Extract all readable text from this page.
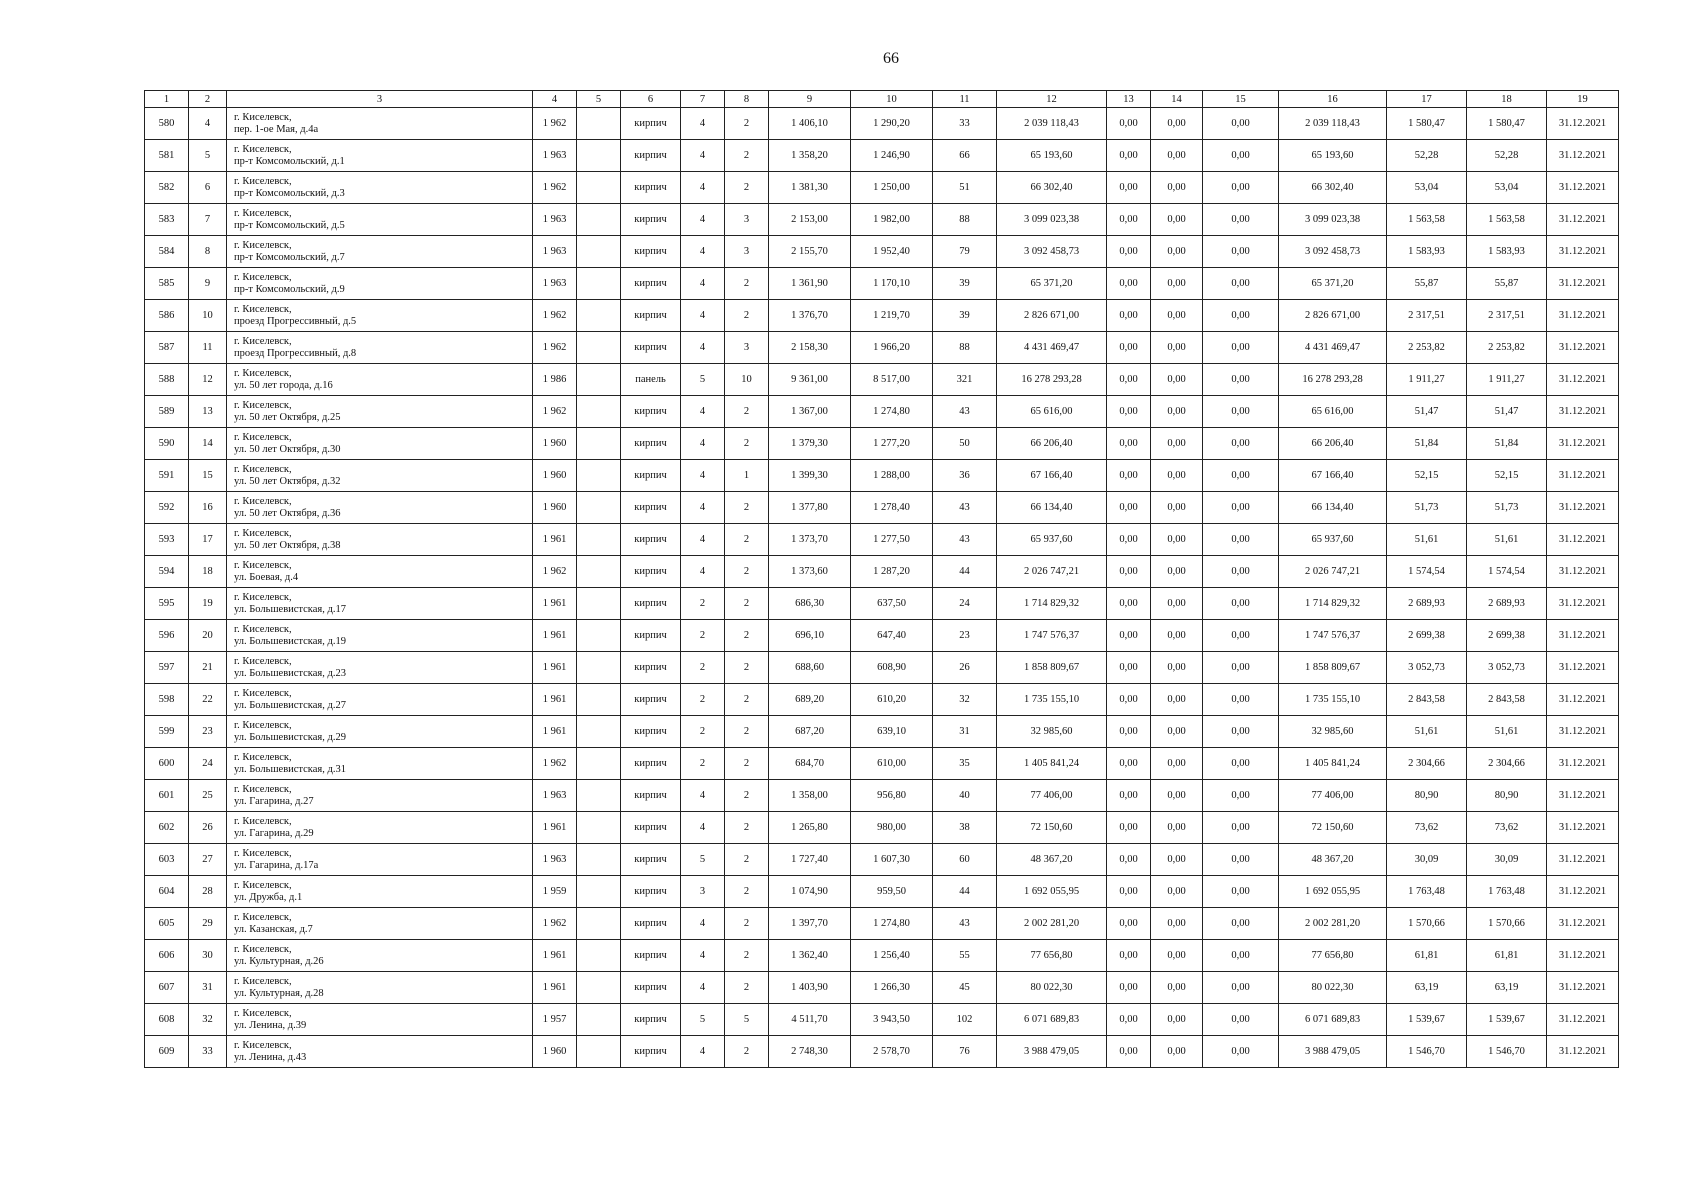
66
1	2	3	4	5	6	7	8	9	10	11	12	13	14	15	16	17	18	19
580	4	г. Киселевск,
пер. 1-ое Мая, д.4а	1 962		кирпич	4	2	1 406,10	1 290,20	33	2 039 118,43	0,00	0,00	0,00	2 039 118,43	1 580,47	1 580,47	31.12.2021
581	5	г. Киселевск,
пр-т Комсомольский, д.1	1 963		кирпич	4	2	1 358,20	1 246,90	66	65 193,60	0,00	0,00	0,00	65 193,60	52,28	52,28	31.12.2021
582	6	г. Киселевск,
пр-т Комсомольский, д.3	1 962		кирпич	4	2	1 381,30	1 250,00	51	66 302,40	0,00	0,00	0,00	66 302,40	53,04	53,04	31.12.2021
583	7	г. Киселевск,
пр-т Комсомольский, д.5	1 963		кирпич	4	3	2 153,00	1 982,00	88	3 099 023,38	0,00	0,00	0,00	3 099 023,38	1 563,58	1 563,58	31.12.2021
584	8	г. Киселевск,
пр-т Комсомольский, д.7	1 963		кирпич	4	3	2 155,70	1 952,40	79	3 092 458,73	0,00	0,00	0,00	3 092 458,73	1 583,93	1 583,93	31.12.2021
585	9	г. Киселевск,
пр-т Комсомольский, д.9	1 963		кирпич	4	2	1 361,90	1 170,10	39	65 371,20	0,00	0,00	0,00	65 371,20	55,87	55,87	31.12.2021
586	10	г. Киселевск,
проезд Прогрессивный, д.5	1 962		кирпич	4	2	1 376,70	1 219,70	39	2 826 671,00	0,00	0,00	0,00	2 826 671,00	2 317,51	2 317,51	31.12.2021
587	11	г. Киселевск,
проезд Прогрессивный, д.8	1 962		кирпич	4	3	2 158,30	1 966,20	88	4 431 469,47	0,00	0,00	0,00	4 431 469,47	2 253,82	2 253,82	31.12.2021
588	12	г. Киселевск,
ул. 50 лет города, д.16	1 986		панель	5	10	9 361,00	8 517,00	321	16 278 293,28	0,00	0,00	0,00	16 278 293,28	1 911,27	1 911,27	31.12.2021
589	13	г. Киселевск,
ул. 50 лет Октября, д.25	1 962		кирпич	4	2	1 367,00	1 274,80	43	65 616,00	0,00	0,00	0,00	65 616,00	51,47	51,47	31.12.2021
590	14	г. Киселевск,
ул. 50 лет Октября, д.30	1 960		кирпич	4	2	1 379,30	1 277,20	50	66 206,40	0,00	0,00	0,00	66 206,40	51,84	51,84	31.12.2021
591	15	г. Киселевск,
ул. 50 лет Октября, д.32	1 960		кирпич	4	1	1 399,30	1 288,00	36	67 166,40	0,00	0,00	0,00	67 166,40	52,15	52,15	31.12.2021
592	16	г. Киселевск,
ул. 50 лет Октября, д.36	1 960		кирпич	4	2	1 377,80	1 278,40	43	66 134,40	0,00	0,00	0,00	66 134,40	51,73	51,73	31.12.2021
593	17	г. Киселевск,
ул. 50 лет Октября, д.38	1 961		кирпич	4	2	1 373,70	1 277,50	43	65 937,60	0,00	0,00	0,00	65 937,60	51,61	51,61	31.12.2021
594	18	г. Киселевск,
ул. Боевая, д.4	1 962		кирпич	4	2	1 373,60	1 287,20	44	2 026 747,21	0,00	0,00	0,00	2 026 747,21	1 574,54	1 574,54	31.12.2021
595	19	г. Киселевск,
ул. Большевистская, д.17	1 961		кирпич	2	2	686,30	637,50	24	1 714 829,32	0,00	0,00	0,00	1 714 829,32	2 689,93	2 689,93	31.12.2021
596	20	г. Киселевск,
ул. Большевистская, д.19	1 961		кирпич	2	2	696,10	647,40	23	1 747 576,37	0,00	0,00	0,00	1 747 576,37	2 699,38	2 699,38	31.12.2021
597	21	г. Киселевск,
ул. Большевистская, д.23	1 961		кирпич	2	2	688,60	608,90	26	1 858 809,67	0,00	0,00	0,00	1 858 809,67	3 052,73	3 052,73	31.12.2021
598	22	г. Киселевск,
ул. Большевистская, д.27	1 961		кирпич	2	2	689,20	610,20	32	1 735 155,10	0,00	0,00	0,00	1 735 155,10	2 843,58	2 843,58	31.12.2021
599	23	г. Киселевск,
ул. Большевистская, д.29	1 961		кирпич	2	2	687,20	639,10	31	32 985,60	0,00	0,00	0,00	32 985,60	51,61	51,61	31.12.2021
600	24	г. Киселевск,
ул. Большевистская, д.31	1 962		кирпич	2	2	684,70	610,00	35	1 405 841,24	0,00	0,00	0,00	1 405 841,24	2 304,66	2 304,66	31.12.2021
601	25	г. Киселевск,
ул. Гагарина, д.27	1 963		кирпич	4	2	1 358,00	956,80	40	77 406,00	0,00	0,00	0,00	77 406,00	80,90	80,90	31.12.2021
602	26	г. Киселевск,
ул. Гагарина, д.29	1 961		кирпич	4	2	1 265,80	980,00	38	72 150,60	0,00	0,00	0,00	72 150,60	73,62	73,62	31.12.2021
603	27	г. Киселевск,
ул. Гагарина, д.17а	1 963		кирпич	5	2	1 727,40	1 607,30	60	48 367,20	0,00	0,00	0,00	48 367,20	30,09	30,09	31.12.2021
604	28	г. Киселевск,
ул. Дружба, д.1	1 959		кирпич	3	2	1 074,90	959,50	44	1 692 055,95	0,00	0,00	0,00	1 692 055,95	1 763,48	1 763,48	31.12.2021
605	29	г. Киселевск,
ул. Казанская, д.7	1 962		кирпич	4	2	1 397,70	1 274,80	43	2 002 281,20	0,00	0,00	0,00	2 002 281,20	1 570,66	1 570,66	31.12.2021
606	30	г. Киселевск,
ул. Культурная, д.26	1 961		кирпич	4	2	1 362,40	1 256,40	55	77 656,80	0,00	0,00	0,00	77 656,80	61,81	61,81	31.12.2021
607	31	г. Киселевск,
ул. Культурная, д.28	1 961		кирпич	4	2	1 403,90	1 266,30	45	80 022,30	0,00	0,00	0,00	80 022,30	63,19	63,19	31.12.2021
608	32	г. Киселевск,
ул. Ленина, д.39	1 957		кирпич	5	5	4 511,70	3 943,50	102	6 071 689,83	0,00	0,00	0,00	6 071 689,83	1 539,67	1 539,67	31.12.2021
609	33	г. Киселевск,
ул. Ленина, д.43	1 960		кирпич	4	2	2 748,30	2 578,70	76	3 988 479,05	0,00	0,00	0,00	3 988 479,05	1 546,70	1 546,70	31.12.2021
